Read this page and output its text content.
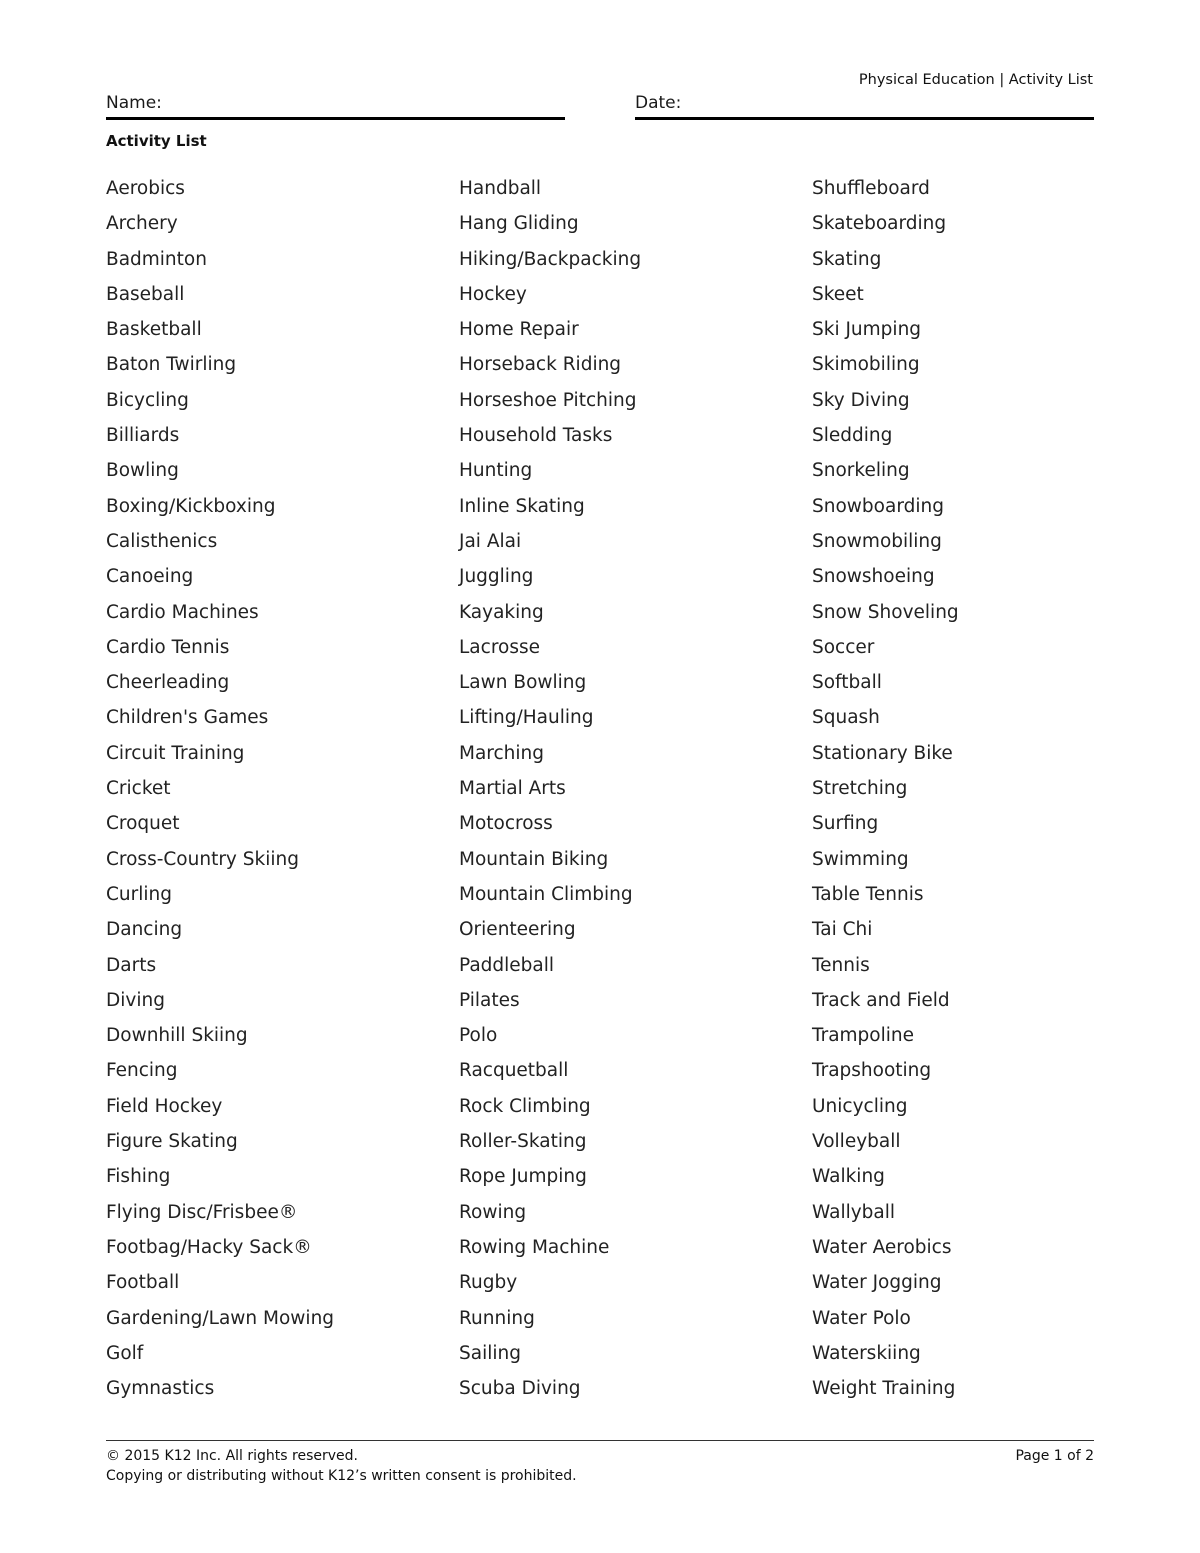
Physical Education | Activity List
Name:	Date:
Activity List
Aerobics
Archery
Badminton
Baseball
Basketball
Baton Twirling
Bicycling
Billiards
Bowling
Boxing/Kickboxing
Calisthenics
Canoeing
Cardio Machines
Cardio Tennis
Cheerleading
Children's Games
Circuit Training
Cricket
Croquet
Cross-Country Skiing
Curling
Dancing
Darts
Diving
Downhill Skiing
Fencing
Field Hockey
Figure Skating
Fishing
Flying Disc/Frisbee®
Footbag/Hacky Sack®
Football
Gardening/Lawn Mowing
Golf
Gymnastics
Handball
Hang Gliding
Hiking/Backpacking
Hockey
Home Repair
Horseback Riding
Horseshoe Pitching
Household Tasks
Hunting
Inline Skating
Jai Alai
Juggling
Kayaking
Lacrosse
Lawn Bowling
Lifting/Hauling
Marching
Martial Arts
Motocross
Mountain Biking
Mountain Climbing
Orienteering
Paddleball
Pilates
Polo
Racquetball
Rock Climbing
Roller-Skating
Rope Jumping
Rowing
Rowing Machine
Rugby
Running
Sailing
Scuba Diving
Shuffleboard
Skateboarding
Skating
Skeet
Ski Jumping
Skimobiling
Sky Diving
Sledding
Snorkeling
Snowboarding
Snowmobiling
Snowshoeing
Snow Shoveling
Soccer
Softball
Squash
Stationary Bike
Stretching
Surfing
Swimming
Table Tennis
Tai Chi
Tennis
Track and Field
Trampoline
Trapshooting
Unicycling
Volleyball
Walking
Wallyball
Water Aerobics
Water Jogging
Water Polo
Waterskiing
Weight Training
© 2015 K12 Inc. All rights reserved.
Copying or distributing without K12’s written consent is prohibited.
Page 1 of 2
